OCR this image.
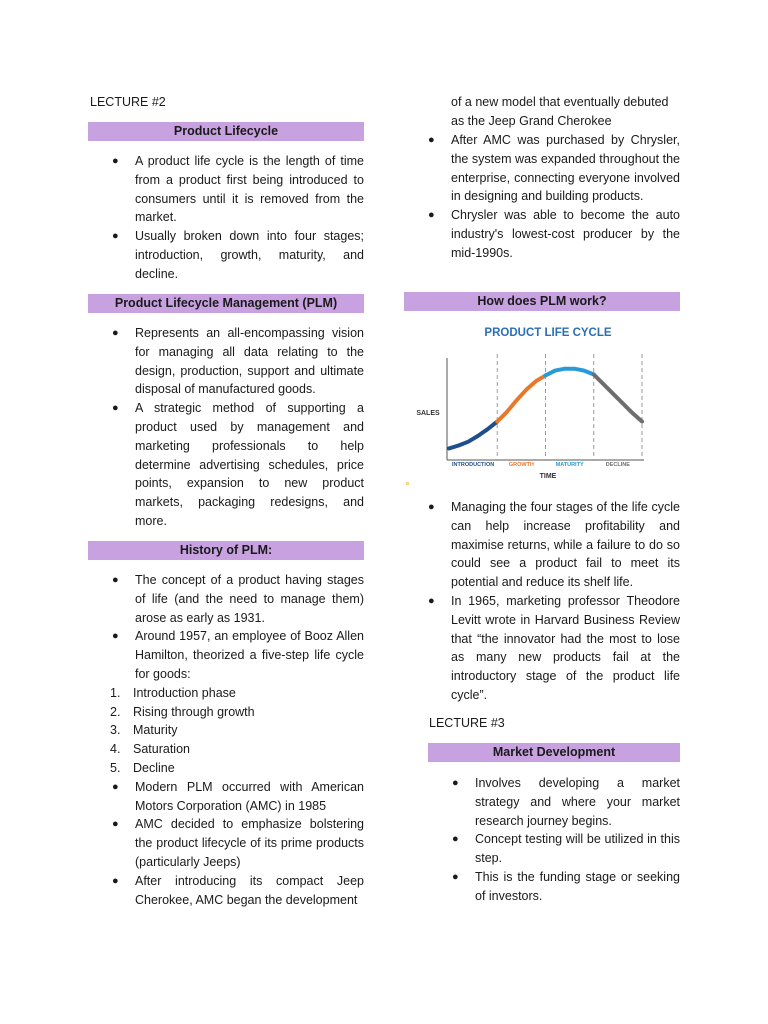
LECTURE #2
Product Lifecycle
● A product life cycle is the length of time from a product first being introduced to consumers until it is removed from the market.
● Usually broken down into four stages; introduction, growth, maturity, and decline.
Product Lifecycle Management (PLM)
● Represents an all-encompassing vision for managing all data relating to the design, production, support and ultimate disposal of manufactured goods.
● A strategic method of supporting a product used by management and marketing professionals to help determine advertising schedules, price points, expansion to new product markets, packaging redesigns, and more.
History of PLM:
● The concept of a product having stages of life (and the need to manage them) arose as early as 1931.
● Around 1957, an employee of Booz Allen Hamilton, theorized a five-step life cycle for goods:
1. Introduction phase
2. Rising through growth
3. Maturity
4. Saturation
5. Decline
● Modern PLM occurred with American Motors Corporation (AMC) in 1985
● AMC decided to emphasize bolstering the product lifecycle of its prime products (particularly Jeeps)
● After introducing its compact Jeep Cherokee, AMC began the development
of a new model that eventually debuted as the Jeep Grand Cherokee
● After AMC was purchased by Chrysler, the system was expanded throughout the enterprise, connecting everyone involved in designing and building products.
● Chrysler was able to become the auto industry's lowest-cost producer by the mid-1990s.
How does PLM work?
PRODUCT LIFE CYCLE
SALES
TIME
INTRODUCTION	GROWTH	MATURITY	DECLINE
● Managing the four stages of the life cycle can help increase profitability and maximise returns, while a failure to do so could see a product fail to meet its potential and reduce its shelf life.
● In 1965, marketing professor Theodore Levitt wrote in Harvard Business Review that “the innovator had the most to lose as many new products fail at the introductory stage of the product life cycle”.
LECTURE #3
Market Development
● Involves developing a market strategy and where your market research journey begins.
● Concept testing will be utilized in this step.
● This is the funding stage or seeking of investors.
